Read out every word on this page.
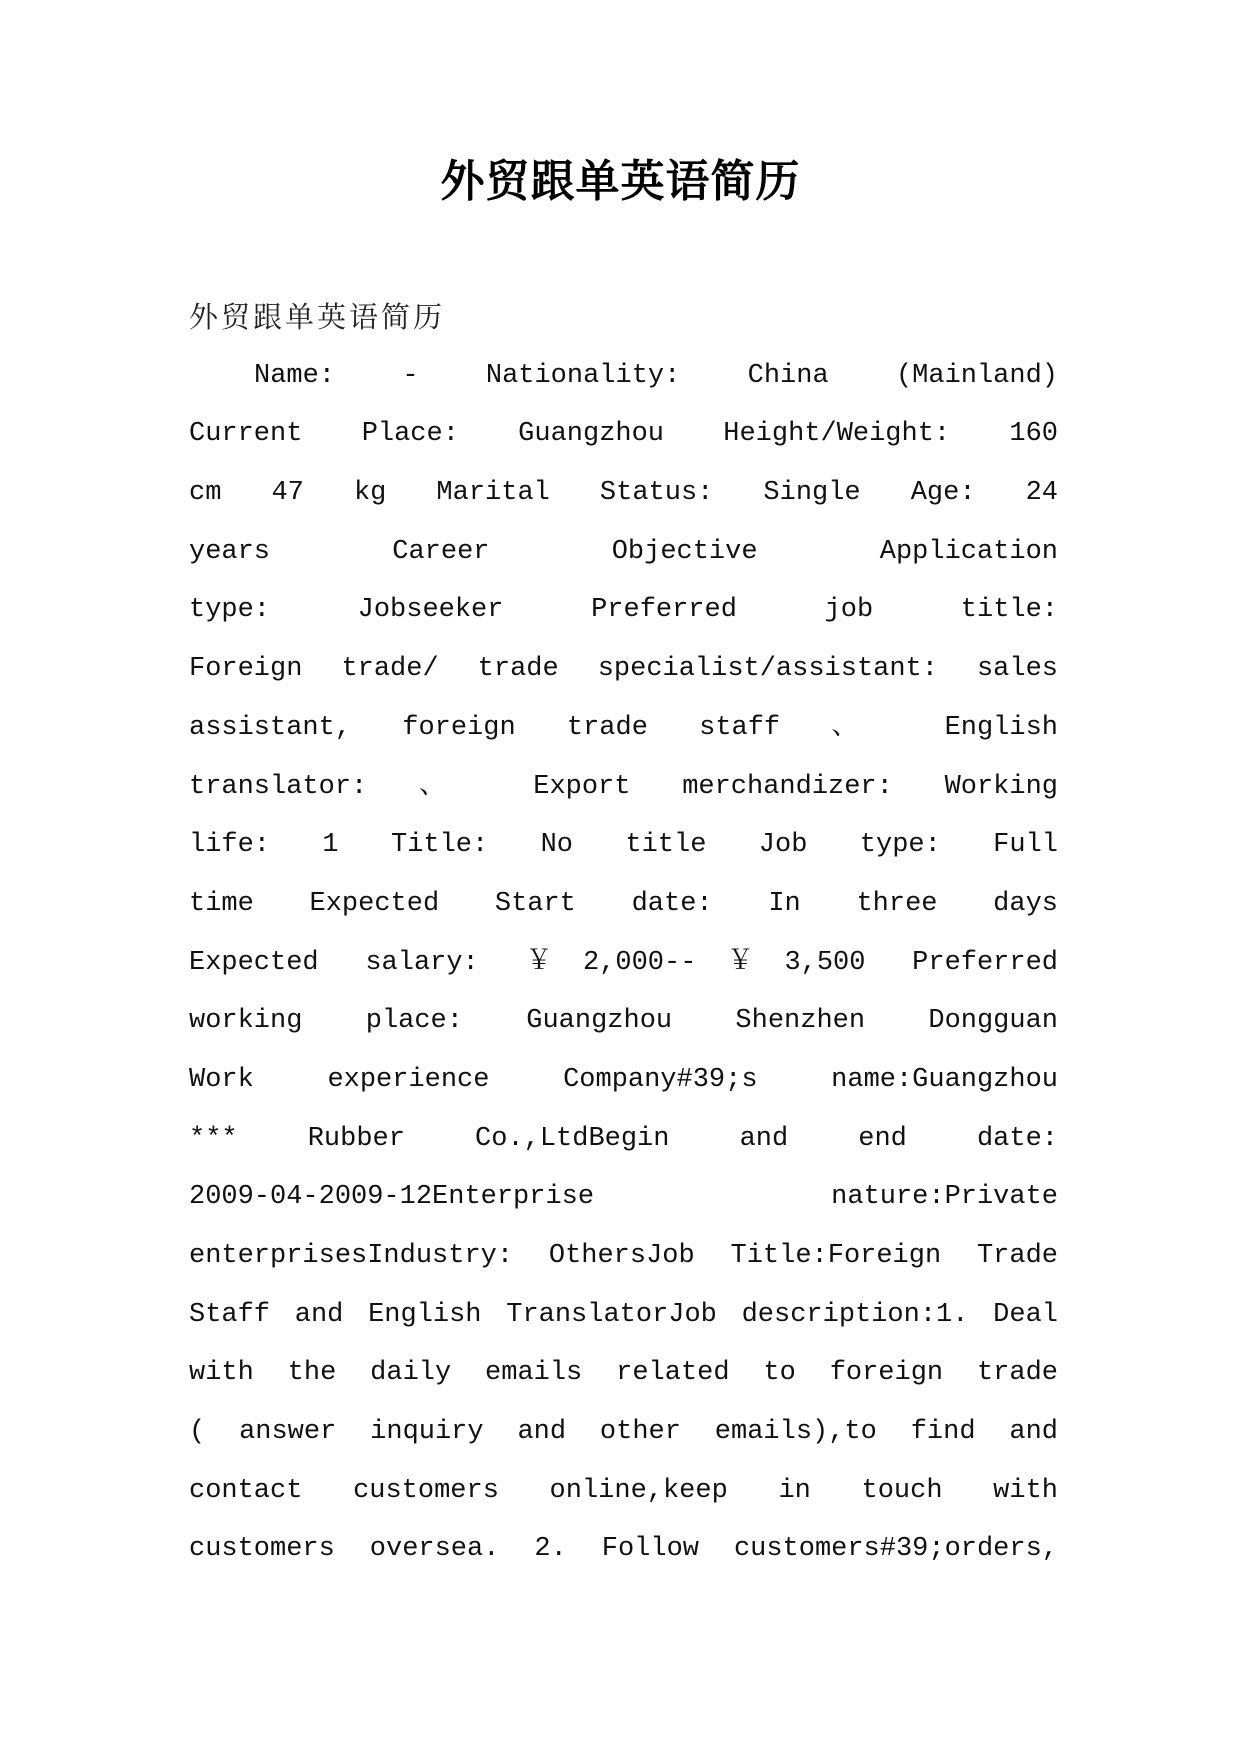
外贸跟单英语简历
外贸跟单英语简历
Name: - Nationality: China (Mainland)
Current Place: Guangzhou Height/Weight: 160
cm 47 kg Marital Status: Single Age: 24
years Career Objective Application
type: Jobseeker Preferred job title:
Foreign trade/ trade specialist/assistant: sales
assistant, foreign trade staff 、 English
translator: 、 Export merchandizer: Working
life: 1 Title: No title Job type: Full
time Expected Start date: In three days
Expected salary: ￥2,000--￥3,500 Preferred
working place: Guangzhou Shenzhen Dongguan
Work experience Company#39;s name:Guangzhou
*** Rubber Co.,LtdBegin and end date:
2009-04-2009-12Enterprise nature:Private
enterprisesIndustry: OthersJob Title:Foreign Trade
Staff and English TranslatorJob description:1. Deal
with the daily emails related to foreign trade
( answer inquiry and other emails),to find and
contact customers online,keep in touch with
customers oversea. 2. Follow customers#39;orders,
